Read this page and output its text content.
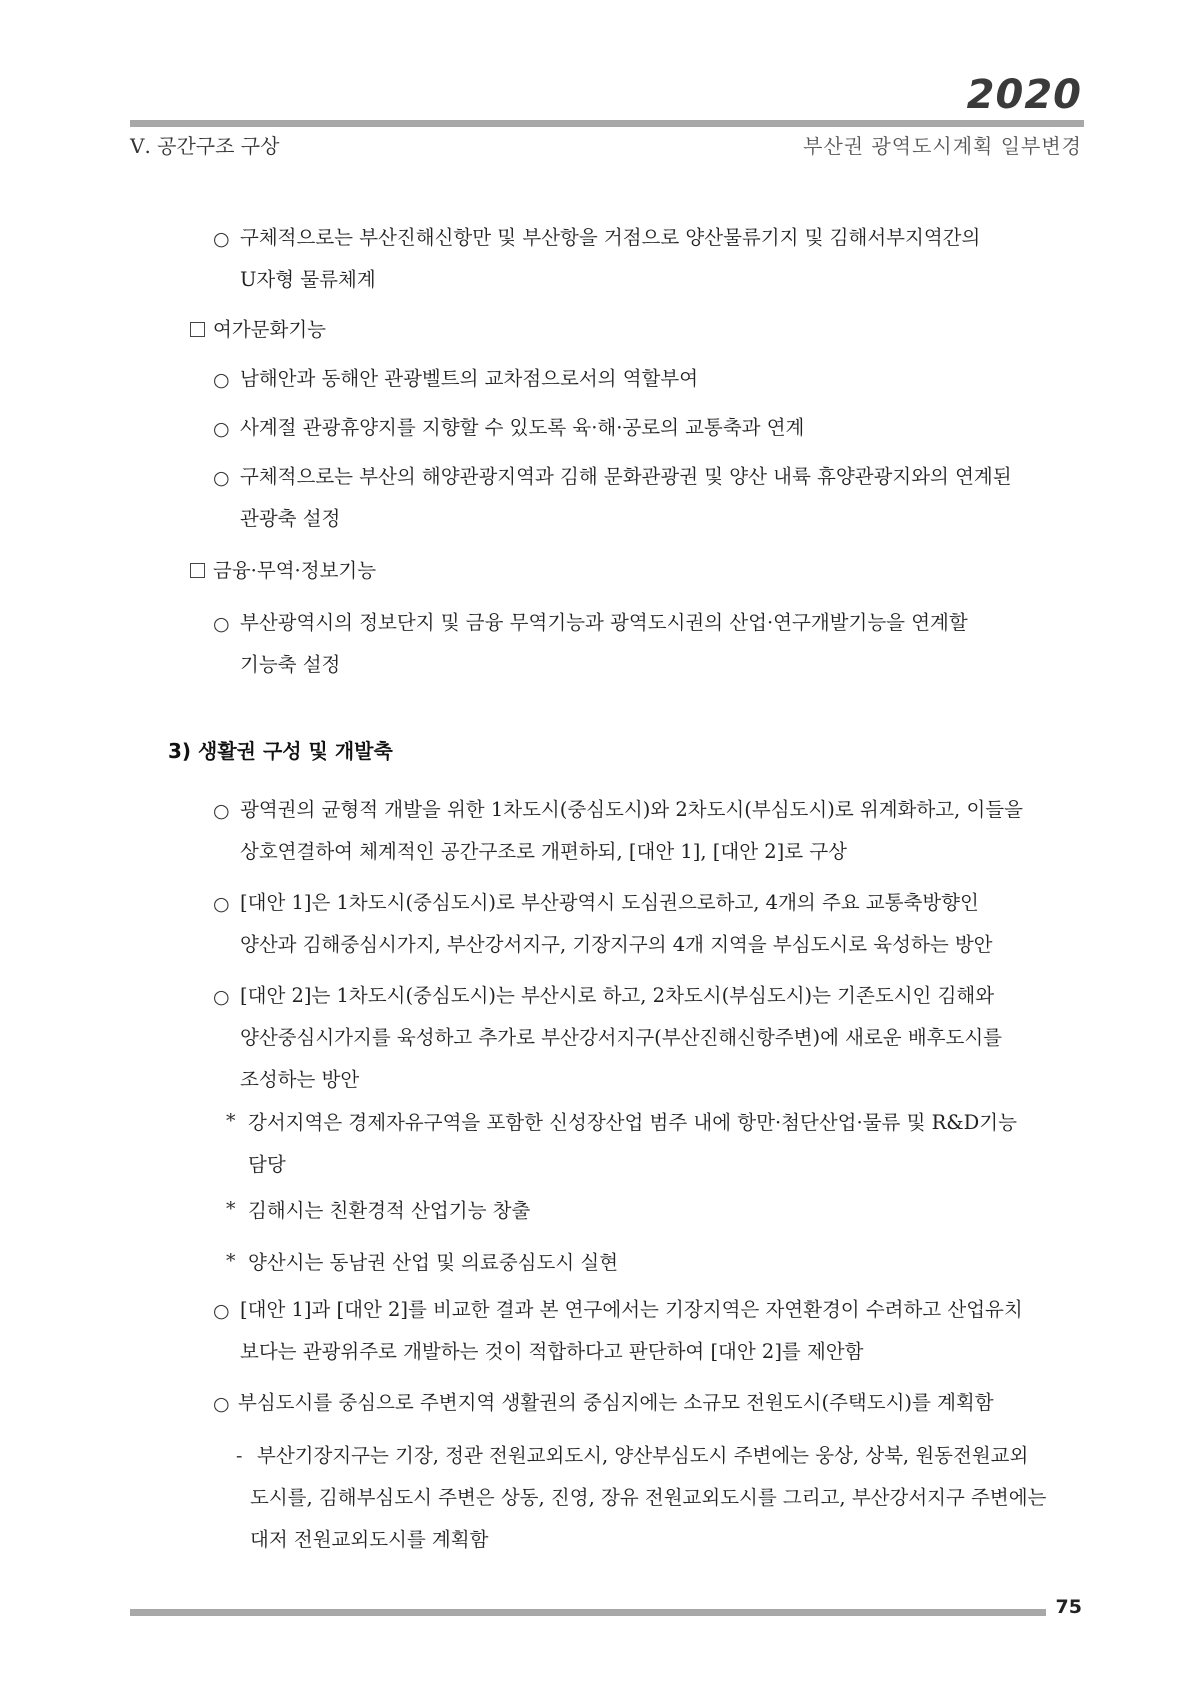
2020
Ⅴ. 공간구조 구상	부산권 광역도시계획 일부변경
○ 구체적으로는 부산진해신항만 및 부산항을 거점으로 양산물류기지 및 김해서부지역간의
U자형 물류체계
여가문화기능
○ 남해안과 동해안 관광벨트의 교차점으로서의 역할부여
○ 사계절 관광휴양지를 지향할 수 있도록 육·해·공로의 교통축과 연계
○ 구체적으로는 부산의 해양관광지역과 김해 문화관광권 및 양산 내륙 휴양관광지와의 연계된
관광축 설정
금융·무역·정보기능
○ 부산광역시의 정보단지 및 금융 무역기능과 광역도시권의 산업·연구개발기능을 연계할
기능축 설정
3) 생활권 구성 및 개발축
○ 광역권의 균형적 개발을 위한 1차도시(중심도시)와 2차도시(부심도시)로 위계화하고, 이들을
상호연결하여 체계적인 공간구조로 개편하되, [대안 1], [대안 2]로 구상
○ [대안 1]은 1차도시(중심도시)로 부산광역시 도심권으로하고, 4개의 주요 교통축방향인
양산과 김해중심시가지, 부산강서지구, 기장지구의 4개 지역을 부심도시로 육성하는 방안
○ [대안 2]는 1차도시(중심도시)는 부산시로 하고, 2차도시(부심도시)는 기존도시인 김해와
양산중심시가지를 육성하고 추가로 부산강서지구(부산진해신항주변)에 새로운 배후도시를
조성하는 방안
* 강서지역은 경제자유구역을 포함한 신성장산업 범주 내에 항만·첨단산업·물류 및 R&D기능
담당
* 김해시는 친환경적 산업기능 창출
* 양산시는 동남권 산업 및 의료중심도시 실현
○ [대안 1]과 [대안 2]를 비교한 결과 본 연구에서는 기장지역은 자연환경이 수려하고 산업유치
보다는 관광위주로 개발하는 것이 적합하다고 판단하여 [대안 2]를 제안함
○ 부심도시를 중심으로 주변지역 생활권의 중심지에는 소규모 전원도시(주택도시)를 계획함
- 부산기장지구는 기장, 정관 전원교외도시, 양산부심도시 주변에는 웅상, 상북, 원동전원교외
도시를, 김해부심도시 주변은 상동, 진영, 장유 전원교외도시를 그리고, 부산강서지구 주변에는
대저 전원교외도시를 계획함
75
